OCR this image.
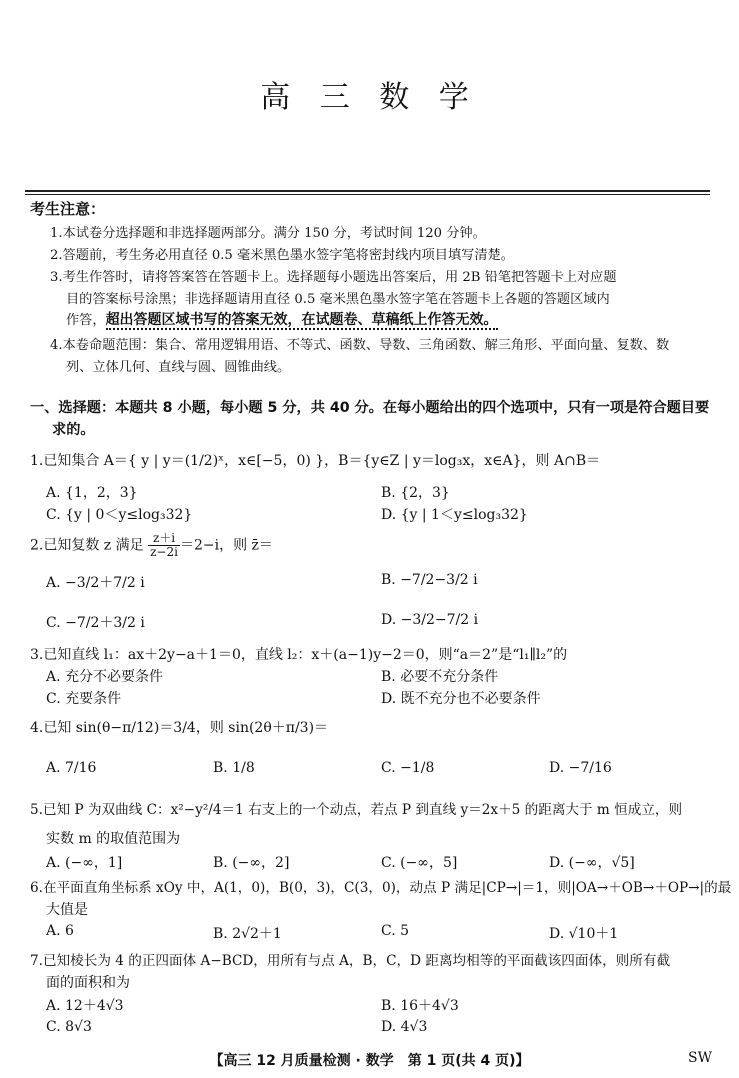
高 三 数 学
考生注意：
1.本试卷分选择题和非选择题两部分。满分 150 分，考试时间 120 分钟。
2.答题前，考生务必用直径 0.5 毫米黑色墨水签字笔将密封线内项目填写清楚。
3.考生作答时，请将答案答在答题卡上。选择题每小题选出答案后，用 2B 铅笔把答题卡上对应题
目的答案标号涂黑；非选择题请用直径 0.5 毫米黑色墨水签字笔在答题卡上各题的答题区域内
作答，超出答题区域书写的答案无效，在试题卷、草稿纸上作答无效。
4.本卷命题范围：集合、常用逻辑用语、不等式、函数、导数、三角函数、解三角形、平面向量、复数、数
列、立体几何、直线与圆、圆锥曲线。
一、选择题：本题共 8 小题，每小题 5 分，共 40 分。在每小题给出的四个选项中，只有一项是符合题目要
求的。
1.已知集合 A＝{ y | y＝(1/2)ˣ，x∈[−5，0) }，B＝{y∈Z | y＝log₃x，x∈A}，则 A∩B＝
A. {1，2，3}	B. {2，3}
C. {y | 0＜y≤log₃32}	D. {y | 1＜y≤log₃32}
2.已知复数 z 满足 $\frac{z+i}{z-2i} =2-i$，则 z̄＝
A. −3/2＋7/2 i	B. −7/2−3/2 i
C. −7/2＋3/2 i	D. −3/2−7/2 i
3.已知直线 l₁：ax＋2y−a＋1＝0，直线 l₂：x＋(a−1)y−2＝0，则“a＝2”是“l₁∥l₂”的
A. 充分不必要条件	B. 必要不充分条件
C. 充要条件	D. 既不充分也不必要条件
4.已知 sin(θ−π/12)＝3/4，则 sin(2θ＋π/3)＝
A. 7/16	B. 1/8	C. −1/8	D. −7/16
5.已知 P 为双曲线 C：x²−y²/4＝1 右支上的一个动点，若点 P 到直线 y＝2x＋5 的距离大于 m 恒成立，则
实数 m 的取值范围为
A. (−∞，1]	B. (−∞，2]	C. (−∞，5]	D. (−∞，√5]
6.在平面直角坐标系 xOy 中，A(1，0)，B(0，3)，C(3，0)，动点 P 满足|CP→|＝1，则|OA→＋OB→＋OP→|的最
大值是
A. 6	B. 2√2＋1	C. 5	D. √10＋1
7.已知棱长为 4 的正四面体 A−BCD，用所有与点 A，B，C，D 距离均相等的平面截该四面体，则所有截
面的面积和为
A. 12＋4√3	B. 16＋4√3
C. 8√3	D. 4√3
【高三 12 月质量检测 · 数学　第 1 页(共 4 页)】	SW
